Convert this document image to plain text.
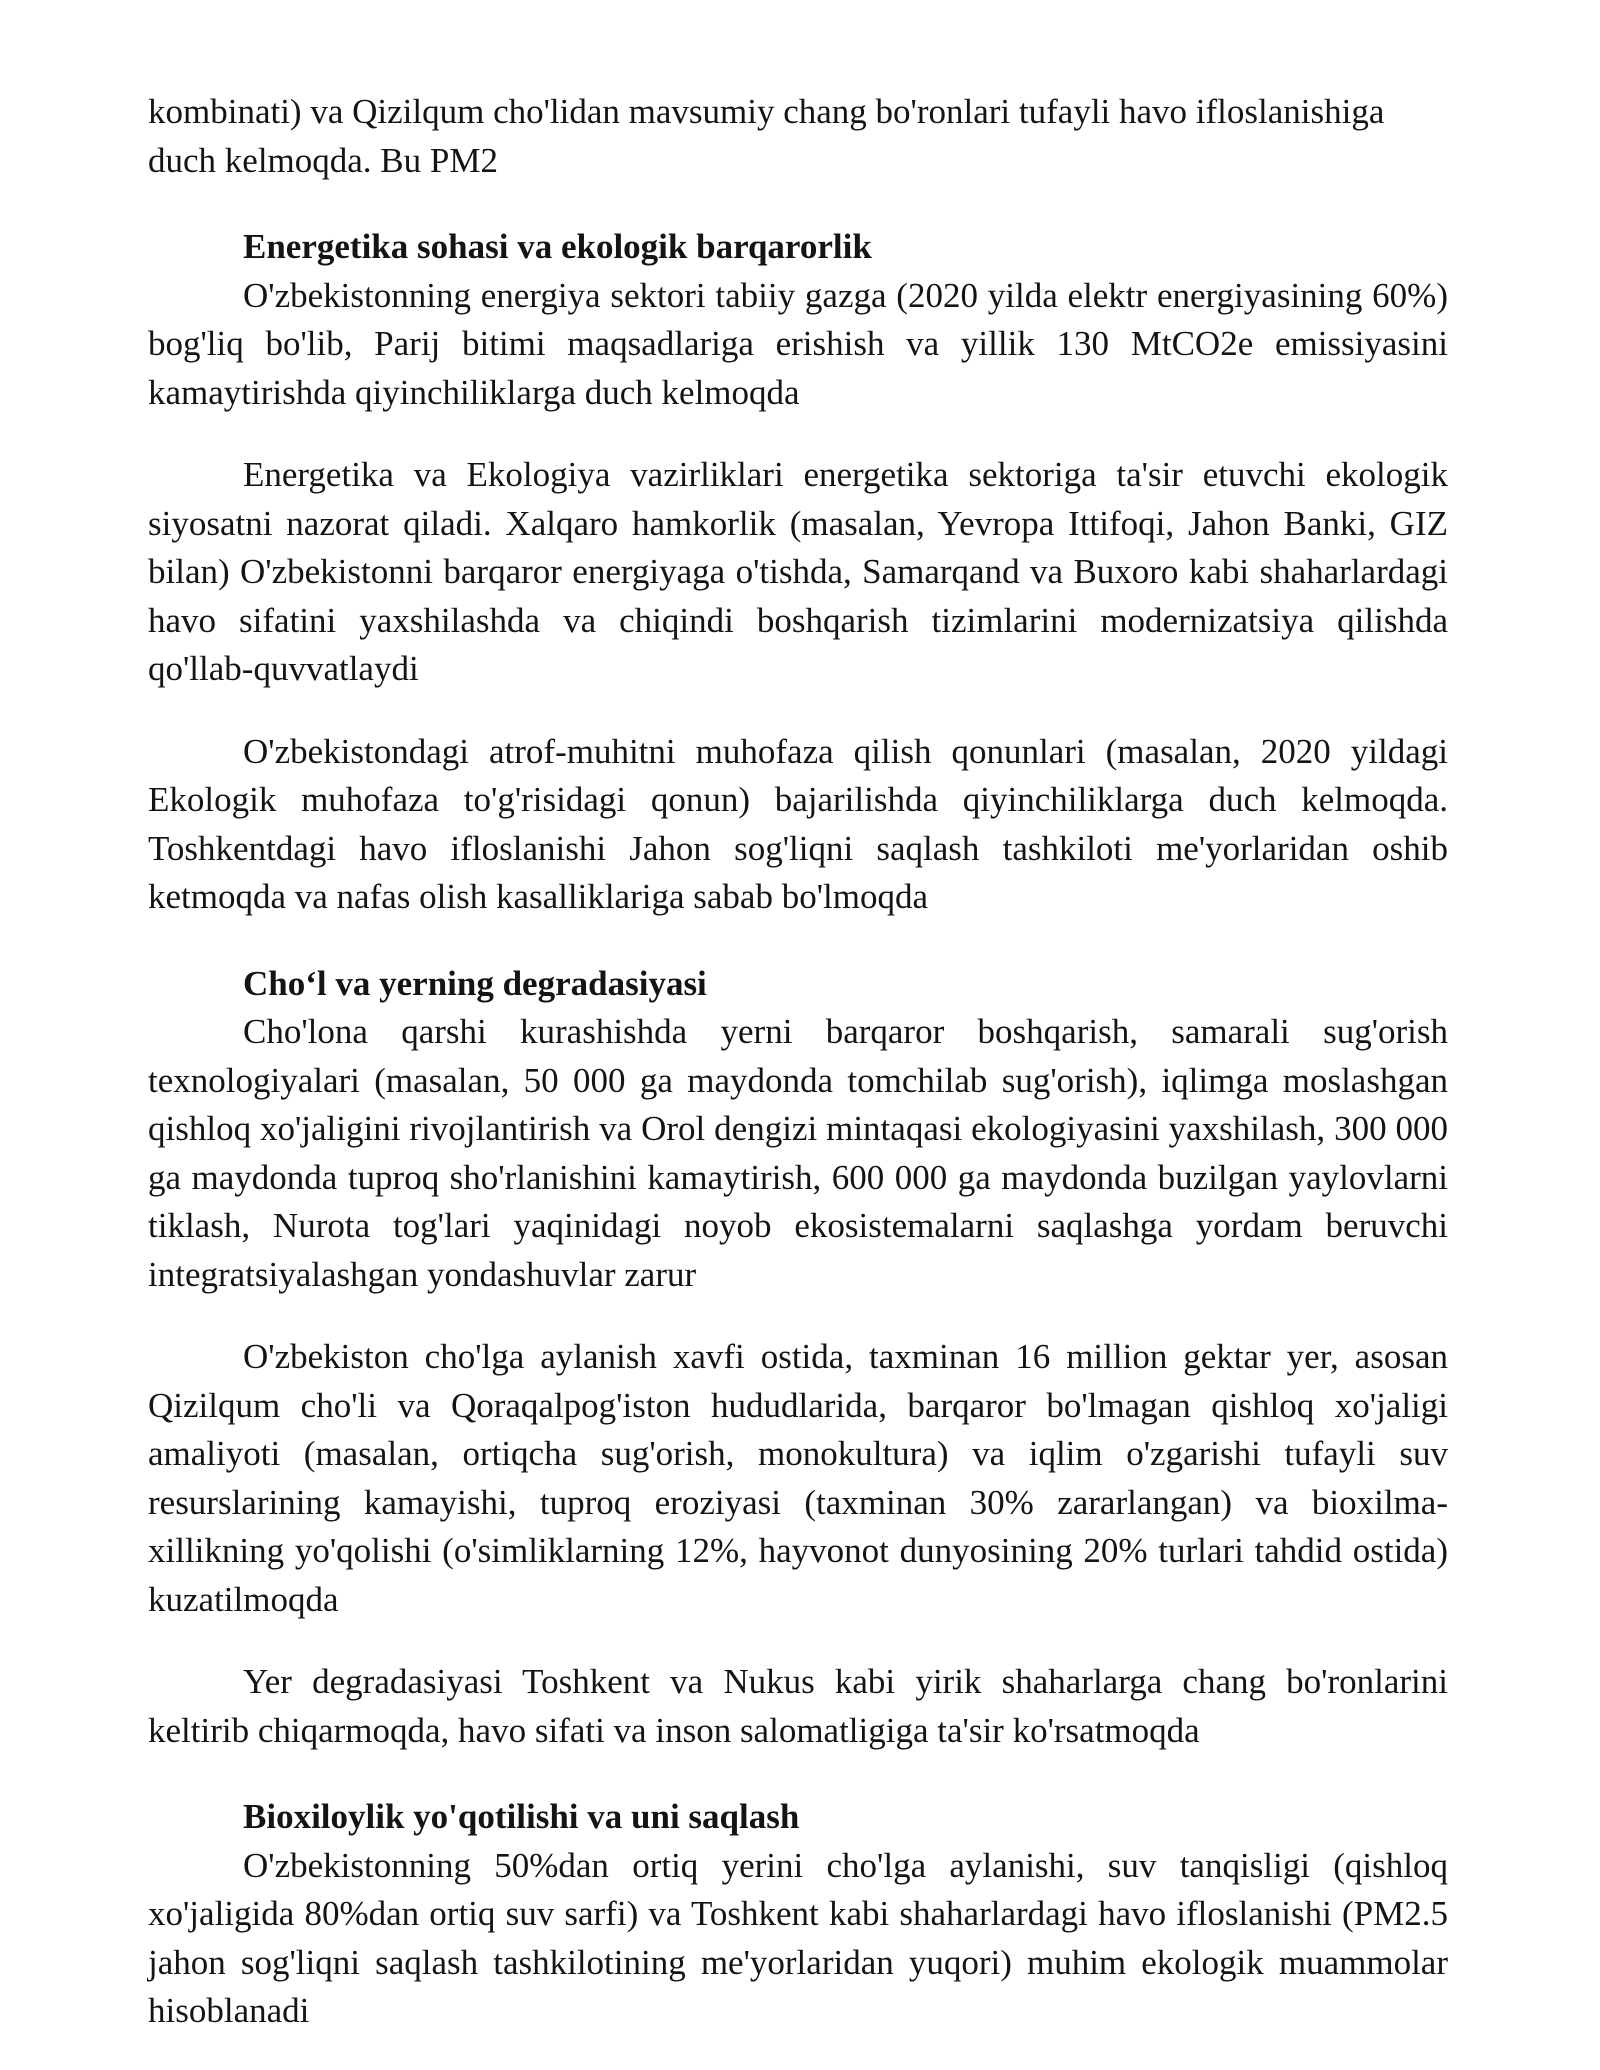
kombinati) va Qizilqum cho'lidan mavsumiy chang bo'ronlari tufayli havo ifloslanishiga duch kelmoqda. Bu PM2

Energetika sohasi va ekologik barqarorlik

O'zbekistonning energiya sektori tabiiy gazga (2020 yilda elektr energiyasining 60%) bog'liq bo'lib, Parij bitimi maqsadlariga erishish va yillik 130 MtCO2e emissiyasini kamaytirishda qiyinchiliklarga duch kelmoqda

Energetika va Ekologiya vazirliklari energetika sektoriga ta'sir etuvchi ekologik siyosatni nazorat qiladi. Xalqaro hamkorlik (masalan, Yevropa Ittifoqi, Jahon Banki, GIZ bilan) O'zbekistonni barqaror energiyaga o'tishda, Samarqand va Buxoro kabi shaharlardagi havo sifatini yaxshilashda va chiqindi boshqarish tizimlarini modernizatsiya qilishda qo'llab-quvvatlaydi

O'zbekistondagi atrof-muhitni muhofaza qilish qonunlari (masalan, 2020 yildagi Ekologik muhofaza to'g'risidagi qonun) bajarilishda qiyinchiliklarga duch kelmoqda. Toshkentdagi havo ifloslanishi Jahon sog'liqni saqlash tashkiloti me'yorlaridan oshib ketmoqda va nafas olish kasalliklariga sabab bo'lmoqda

Cho‘l va yerning degradasiyasi

Cho'lona qarshi kurashishda yerni barqaror boshqarish, samarali sug'orish texnologiyalari (masalan, 50 000 ga maydonda tomchilab sug'orish), iqlimga moslashgan qishloq xo'jaligini rivojlantirish va Orol dengizi mintaqasi ekologiyasini yaxshilash, 300 000 ga maydonda tuproq sho'rlanishini kamaytirish, 600 000 ga maydonda buzilgan yaylovlarni tiklash, Nurota tog'lari yaqinidagi noyob ekosistemalarni saqlashga yordam beruvchi integratsiyalashgan yondashuvlar zarur

O'zbekiston cho'lga aylanish xavfi ostida, taxminan 16 million gektar yer, asosan Qizilqum cho'li va Qoraqalpog'iston hududlarida, barqaror bo'lmagan qishloq xo'jaligi amaliyoti (masalan, ortiqcha sug'orish, monokultura) va iqlim o'zgarishi tufayli suv resurslarining kamayishi, tuproq eroziyasi (taxminan 30% zararlangan) va bioxilma-xillikning yo'qolishi (o'simliklarning 12%, hayvonot dunyosining 20% turlari tahdid ostida) kuzatilmoqda

Yer degradasiyasi Toshkent va Nukus kabi yirik shaharlarga chang bo'ronlarini keltirib chiqarmoqda, havo sifati va inson salomatligiga ta'sir ko'rsatmoqda

Bioxiloylik yo'qotilishi va uni saqlash

O'zbekistonning 50%dan ortiq yerini cho'lga aylanishi, suv tanqisligi (qishloq xo'jaligida 80%dan ortiq suv sarfi) va Toshkent kabi shaharlardagi havo ifloslanishi (PM2.5 jahon sog'liqni saqlash tashkilotining me'yorlaridan yuqori) muhim ekologik muammolar hisoblanadi
